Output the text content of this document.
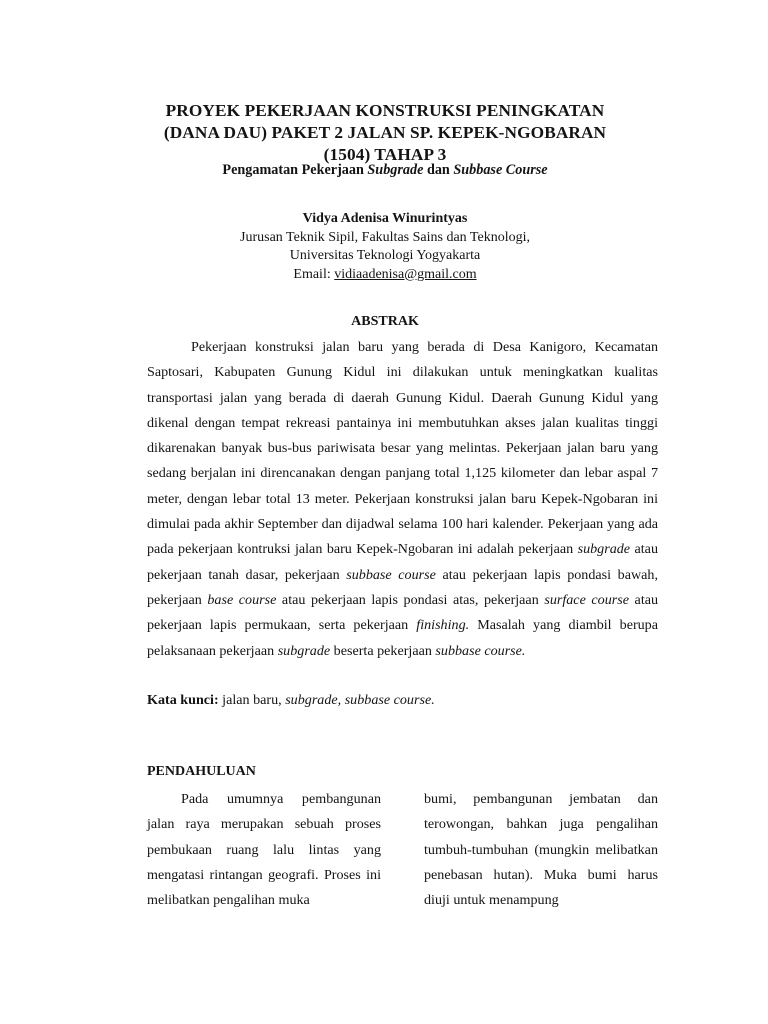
PROYEK PEKERJAAN KONSTRUKSI PENINGKATAN
(DANA DAU) PAKET 2 JALAN SP. KEPEK-NGOBARAN
(1504) TAHAP 3
Pengamatan Pekerjaan Subgrade dan Subbase Course
Vidya Adenisa Winurintyas
Jurusan Teknik Sipil, Fakultas Sains dan Teknologi,
Universitas Teknologi Yogyakarta
Email: vidiaadenisa@gmail.com
ABSTRAK

Pekerjaan konstruksi jalan baru yang berada di Desa Kanigoro, Kecamatan Saptosari, Kabupaten Gunung Kidul ini dilakukan untuk meningkatkan kualitas transportasi jalan yang berada di daerah Gunung Kidul. Daerah Gunung Kidul yang dikenal dengan tempat rekreasi pantainya ini membutuhkan akses jalan kualitas tinggi dikarenakan banyak bus-bus pariwisata besar yang melintas. Pekerjaan jalan baru yang sedang berjalan ini direncanakan dengan panjang total 1,125 kilometer dan lebar aspal 7 meter, dengan lebar total 13 meter. Pekerjaan konstruksi jalan baru Kepek-Ngobaran ini dimulai pada akhir September dan dijadwal selama 100 hari kalender. Pekerjaan yang ada pada pekerjaan kontruksi jalan baru Kepek-Ngobaran ini adalah pekerjaan subgrade atau pekerjaan tanah dasar, pekerjaan subbase course atau pekerjaan lapis pondasi bawah, pekerjaan base course atau pekerjaan lapis pondasi atas, pekerjaan surface course atau pekerjaan lapis permukaan, serta pekerjaan finishing. Masalah yang diambil berupa pelaksanaan pekerjaan subgrade beserta pekerjaan subbase course.

Kata kunci: jalan baru, subgrade, subbase course.
PENDAHULUAN

Pada umumnya pembangunan jalan raya merupakan sebuah proses pembukaan ruang lalu lintas yang mengatasi rintangan geografi. Proses ini melibatkan pengalihan muka

bumi, pembangunan jembatan dan terowongan, bahkan juga pengalihan tumbuh-tumbuhan (mungkin melibatkan penebasan hutan). Muka bumi harus diuji untuk menampung
